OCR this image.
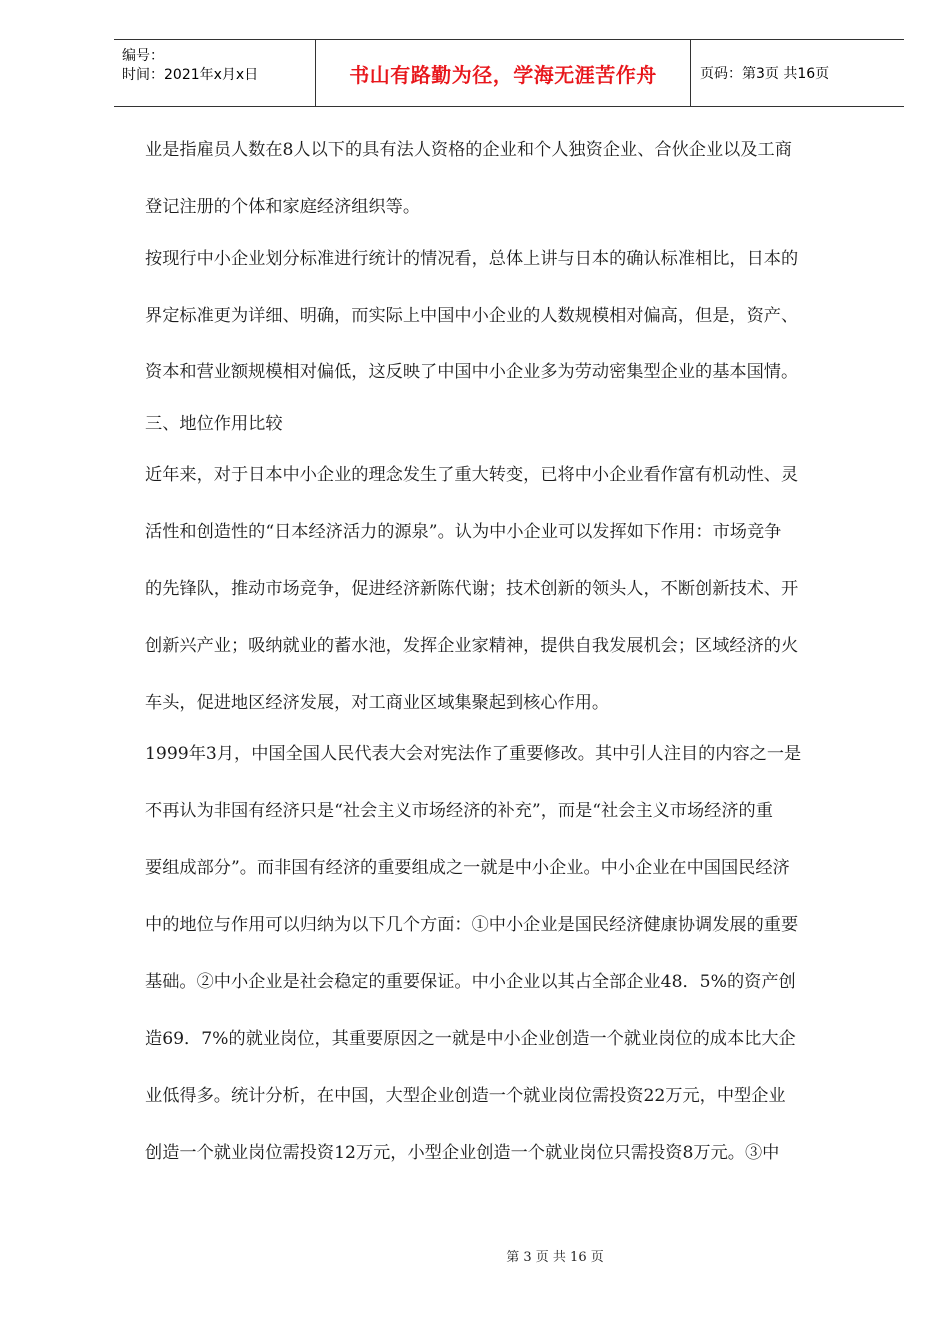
编号：
时间：2021年x月x日	书山有路勤为径，学海无涯苦作舟	页码：第3页 共16页
业是指雇员人数在8人以下的具有法人资格的企业和个人独资企业、合伙企业以及工商
登记注册的个体和家庭经济组织等。
按现行中小企业划分标准进行统计的情况看，总体上讲与日本的确认标准相比，日本的
界定标准更为详细、明确，而实际上中国中小企业的人数规模相对偏高，但是，资产、
资本和营业额规模相对偏低，这反映了中国中小企业多为劳动密集型企业的基本国情。
三、地位作用比较
近年来，对于日本中小企业的理念发生了重大转变，已将中小企业看作富有机动性、灵
活性和创造性的“日本经济活力的源泉”。认为中小企业可以发挥如下作用：市场竞争
的先锋队，推动市场竞争，促进经济新陈代谢；技术创新的领头人，不断创新技术、开
创新兴产业；吸纳就业的蓄水池，发挥企业家精神，提供自我发展机会；区域经济的火
车头，促进地区经济发展，对工商业区域集聚起到核心作用。
1999年3月，中国全国人民代表大会对宪法作了重要修改。其中引人注目的内容之一是
不再认为非国有经济只是“社会主义市场经济的补充”，而是“社会主义市场经济的重
要组成部分”。而非国有经济的重要组成之一就是中小企业。中小企业在中国国民经济
中的地位与作用可以归纳为以下几个方面：①中小企业是国民经济健康协调发展的重要
基础。②中小企业是社会稳定的重要保证。中小企业以其占全部企业48．5%的资产创
造69．7%的就业岗位，其重要原因之一就是中小企业创造一个就业岗位的成本比大企
业低得多。统计分析，在中国，大型企业创造一个就业岗位需投资22万元，中型企业
创造一个就业岗位需投资12万元，小型企业创造一个就业岗位只需投资8万元。③中
第 3 页 共 16 页
